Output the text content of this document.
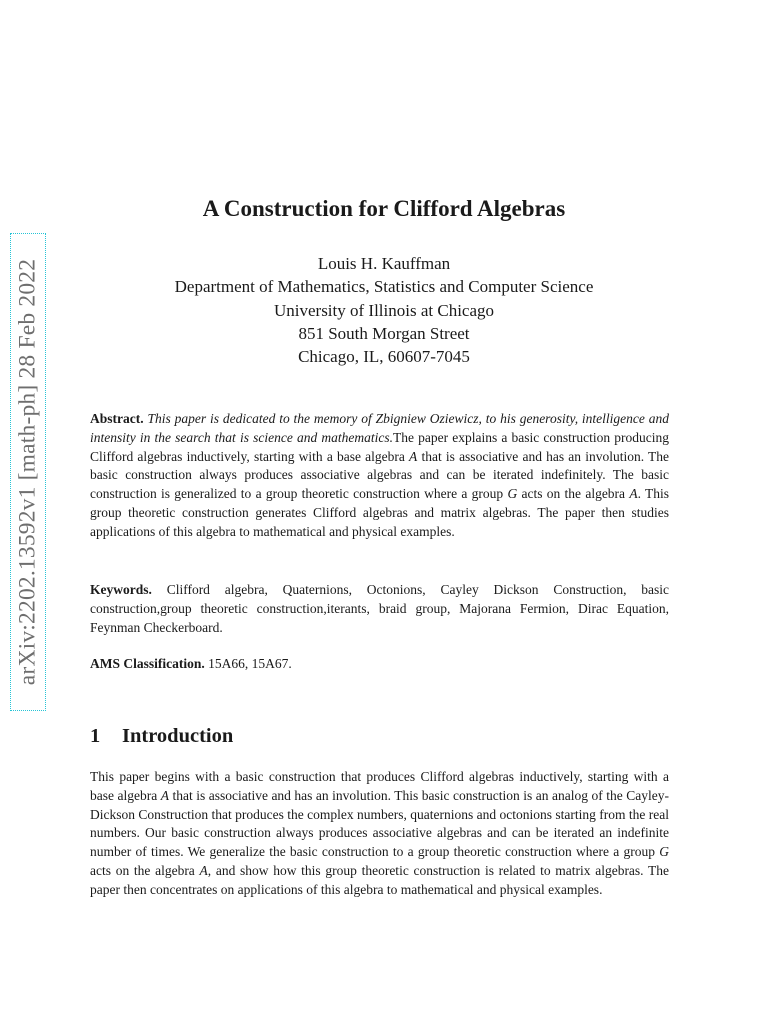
arXiv:2202.13592v1 [math-ph] 28 Feb 2022
A Construction for Clifford Algebras
Louis H. Kauffman
Department of Mathematics, Statistics and Computer Science
University of Illinois at Chicago
851 South Morgan Street
Chicago, IL, 60607-7045

Abstract. This paper is dedicated to the memory of Zbigniew Oziewicz, to his generosity, intelligence and intensity in the search that is science and mathematics.The paper explains a basic construction producing Clifford algebras inductively, starting with a base algebra A that is associative and has an involution. The basic construction always produces associative algebras and can be iterated indefinitely. The basic construction is generalized to a group theoretic construction where a group G acts on the algebra A. This group theoretic construction generates Clifford algebras and matrix algebras. The paper then studies applications of this algebra to mathematical and physical examples.

Keywords. Clifford algebra, Quaternions, Octonions, Cayley Dickson Construction, basic construction,group theoretic construction,iterants, braid group, Majorana Fermion, Dirac Equation, Feynman Checkerboard.

AMS Classification. 15A66, 15A67.

1 Introduction

This paper begins with a basic construction that produces Clifford algebras inductively, starting with a base algebra A that is associative and has an involution. This basic construction is an analog of the Cayley-Dickson Construction that produces the complex numbers, quaternions and octonions starting from the real numbers. Our basic construction always produces associative algebras and can be iterated an indefinite number of times. We generalize the basic construction to a group theoretic construction where a group G acts on the algebra A, and show how this group theoretic construction is related to matrix algebras. The paper then concentrates on applications of this algebra to mathematical and physical examples.
